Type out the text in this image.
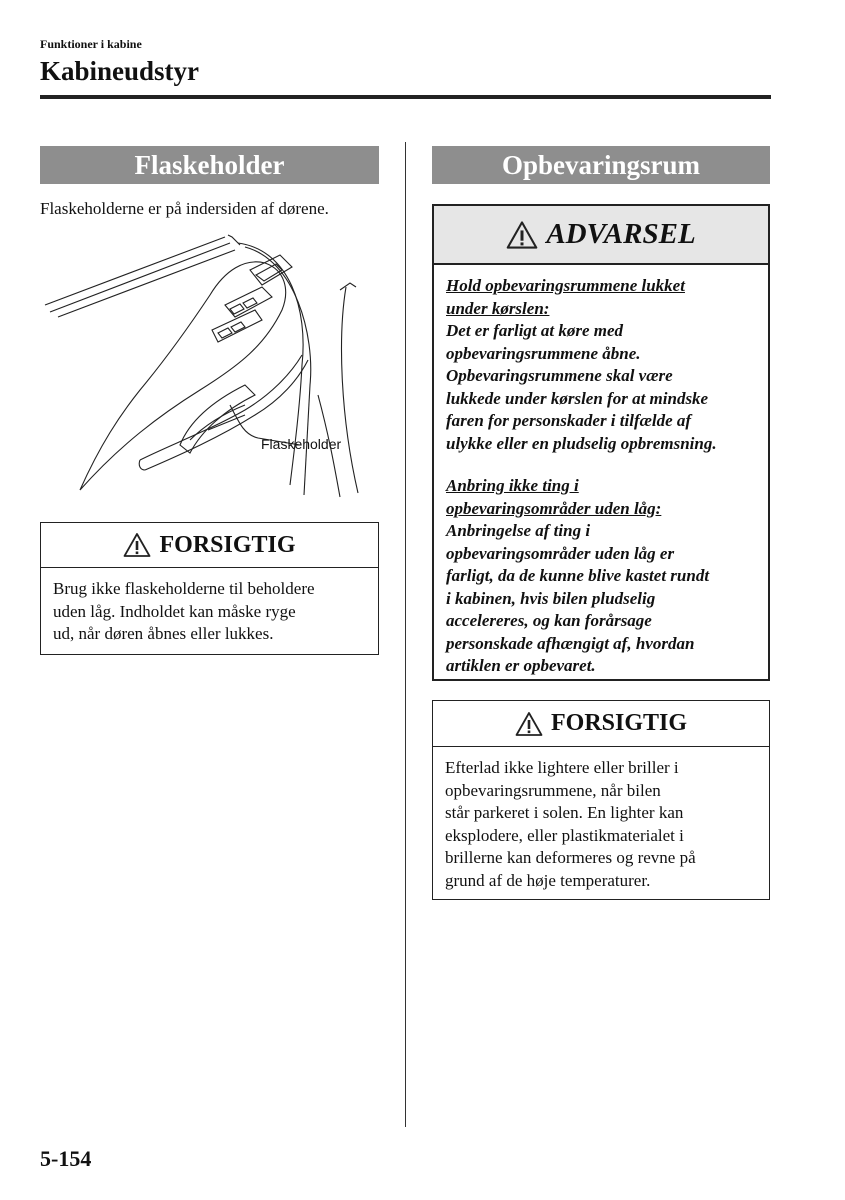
Funktioner i kabine
Kabineudstyr
Flaskeholder
Flaskeholderne er på indersiden af dørene.
Flaskeholder
FORSIGTIG
Brug ikke flaskeholderne til beholdere
uden låg. Indholdet kan måske ryge
ud, når døren åbnes eller lukkes.
Opbevaringsrum
ADVARSEL
Hold opbevaringsrummene lukket
under kørslen:
Det er farligt at køre med
opbevaringsrummene åbne.
Opbevaringsrummene skal være
lukkede under kørslen for at mindske
faren for personskader i tilfælde af
ulykke eller en pludselig opbremsning.
Anbring ikke ting i
opbevaringsområder uden låg:
Anbringelse af ting i
opbevaringsområder uden låg er
farligt, da de kunne blive kastet rundt
i kabinen, hvis bilen pludselig
accelereres, og kan forårsage
personskade afhængigt af, hvordan
artiklen er opbevaret.
FORSIGTIG
Efterlad ikke lightere eller briller i
opbevaringsrummene, når bilen
står parkeret i solen. En lighter kan
eksplodere, eller plastikmaterialet i
brillerne kan deformeres og revne på
grund af de høje temperaturer.
5-154
